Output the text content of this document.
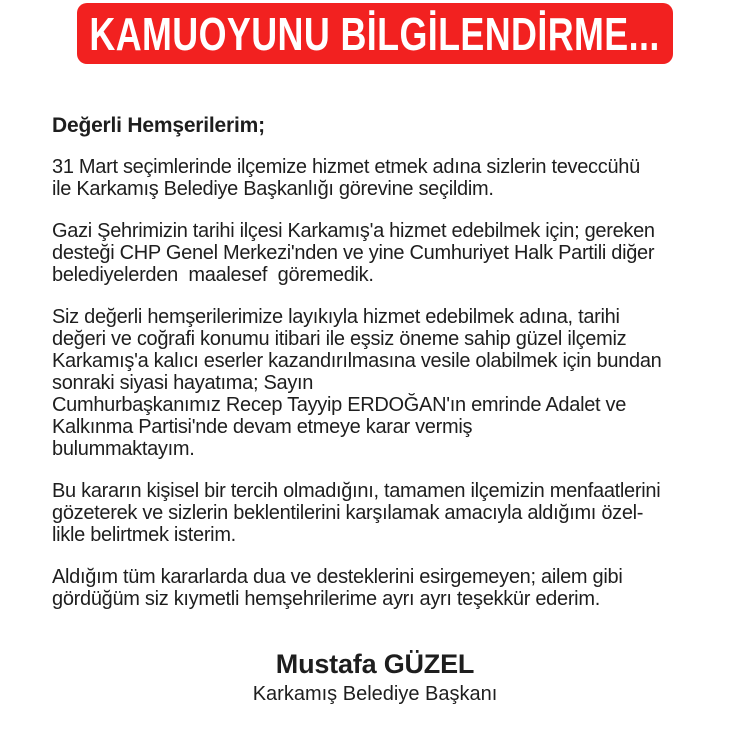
KAMUOYUNU BİLGİLENDİRME...
Değerli Hemşerilerim;
31 Mart seçimlerinde ilçemize hizmet etmek adına sizlerin teveccühü
ile Karkamış Belediye Başkanlığı görevine seçildim.
Gazi Şehrimizin tarihi ilçesi Karkamış'a hizmet edebilmek için; gereken
desteği CHP Genel Merkezi'nden ve yine Cumhuriyet Halk Partili diğer
belediyelerden  maalesef  göremedik.
Siz değerli hemşerilerimize layıkıyla hizmet edebilmek adına, tarihi
değeri ve coğrafi konumu itibari ile eşsiz öneme sahip güzel ilçemiz
Karkamış'a kalıcı eserler kazandırılmasına vesile olabilmek için bundan
sonraki siyasi hayatıma; Sayın
Cumhurbaşkanımız Recep Tayyip ERDOĞAN'ın emrinde Adalet ve
Kalkınma Partisi'nde devam etmeye karar vermiş
bulummaktayım.
Bu kararın kişisel bir tercih olmadığını, tamamen ilçemizin menfaatlerini
gözeterek ve sizlerin beklentilerini karşılamak amacıyla aldığımı özel-
likle belirtmek isterim.
Aldığım tüm kararlarda dua ve desteklerini esirgemeyen; ailem gibi
gördüğüm siz kıymetli hemşehrilerime ayrı ayrı teşekkür ederim.
Mustafa GÜZEL
Karkamış Belediye Başkanı
